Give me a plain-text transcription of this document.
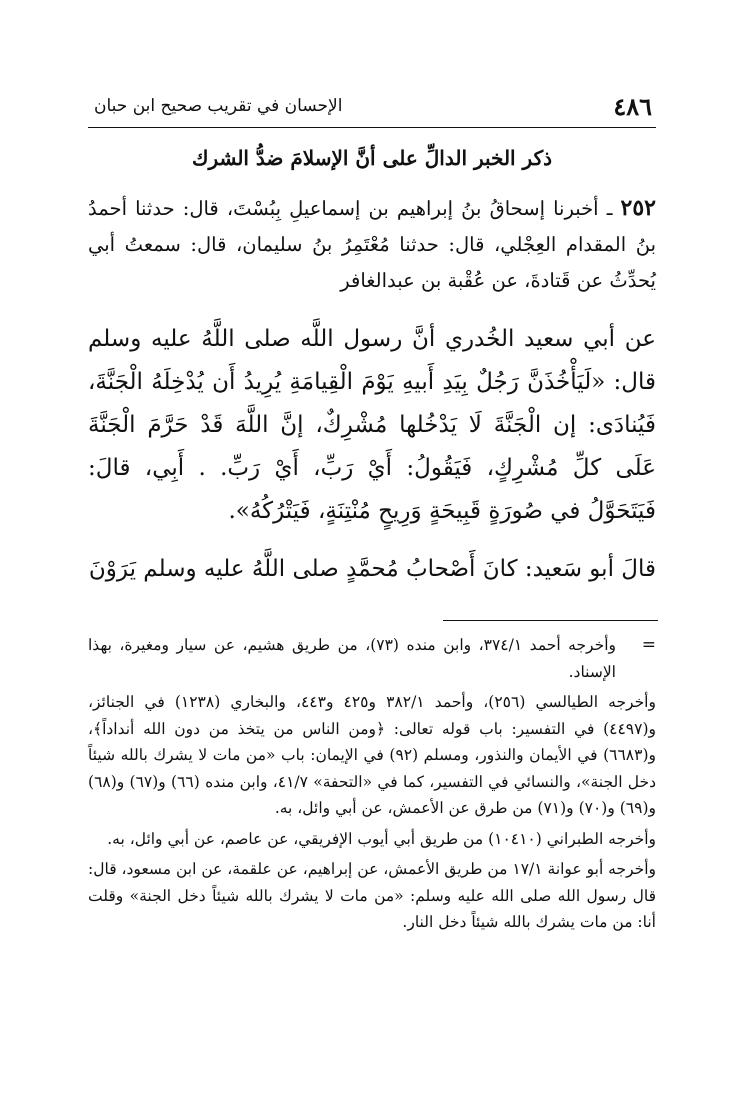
٤٨٦
الإحسان في تقريب صحيح ابن حبان
ذكر الخبر الدالِّ على أنَّ الإسلامَ ضدُّ الشرك
٢٥٢ ـ أخبرنا إسحاقُ بنُ إبراهيم بن إسماعيلِ بِبُسْتَ، قال: حدثنا أحمدُ بنُ المقدام العِجْلي، قال: حدثنا مُعْتَمِرُ بنُ سليمان، قال: سمعتُ أبي يُحدِّثُ عن قَتادةَ، عن عُقْبة بن عبدالغافر
عن أبي سعيد الخُدري أنَّ رسول اللَّه صلى اللَّهُ عليه وسلم قال: «لَيَأْخُذَنَّ رَجُلٌ بِيَدِ أَبيهِ يَوْمَ الْقِيامَةِ يُرِيدُ أَن يُدْخِلَهُ الْجَنَّةَ، فَيُنادَى: إن الْجَنَّةَ لَا يَدْخُلها مُشْرِكٌ، إنَّ اللَّهَ قَدْ حَرَّمَ الْجَنَّةَ عَلَى كلِّ مُشْرِكٍ، فَيَقُولُ: أَيْ رَبِّ، أَيْ رَبِّ. . أَبِي، قالَ: فَيَتَحَوَّلُ في صُورَةٍ قَبِيحَةٍ وَرِيحٍ مُنْتِنَةٍ، فَيَتْرُكُهُ».
قالَ أبو سَعيد: كانَ أَصْحابُ مُحمَّدٍ صلى اللَّهُ عليه وسلم يَرَوْنَ

=
وأخرجه أحمد ٣٧٤/١، وابن منده (٧٣)، من طريق هشيم، عن سيار ومغيرة، بهذا الإسناد.

وأخرجه الطيالسي (٢٥٦)، وأحمد ٣٨٢/١ و٤٢٥ و٤٤٣، والبخاري (١٢٣٨) في الجنائز، و(٤٤٩٧) في التفسير: باب قوله تعالى: ﴿ومن الناس من يتخذ من دون الله أنداداً﴾، و(٦٦٨٣) في الأيمان والنذور، ومسلم (٩٢) في الإيمان: باب «من مات لا يشرك بالله شيئاً دخل الجنة»، والنسائي في التفسير، كما في «التحفة» ٤١/٧، وابن منده (٦٦) و(٦٧) و(٦٨) و(٦٩) و(٧٠) و(٧١) من طرق عن الأعمش، عن أبي وائل، به.

وأخرجه الطبراني (١٠٤١٠) من طريق أبي أيوب الإفريقي، عن عاصم، عن أبي وائل، به.

وأخرجه أبو عوانة ١٧/١ من طريق الأعمش، عن إبراهيم، عن علقمة، عن ابن مسعود، قال: قال رسول الله صلى الله عليه وسلم: «من مات لا يشرك بالله شيئاً دخل الجنة» وقلت أنا: من مات يشرك بالله شيئاً دخل النار.
